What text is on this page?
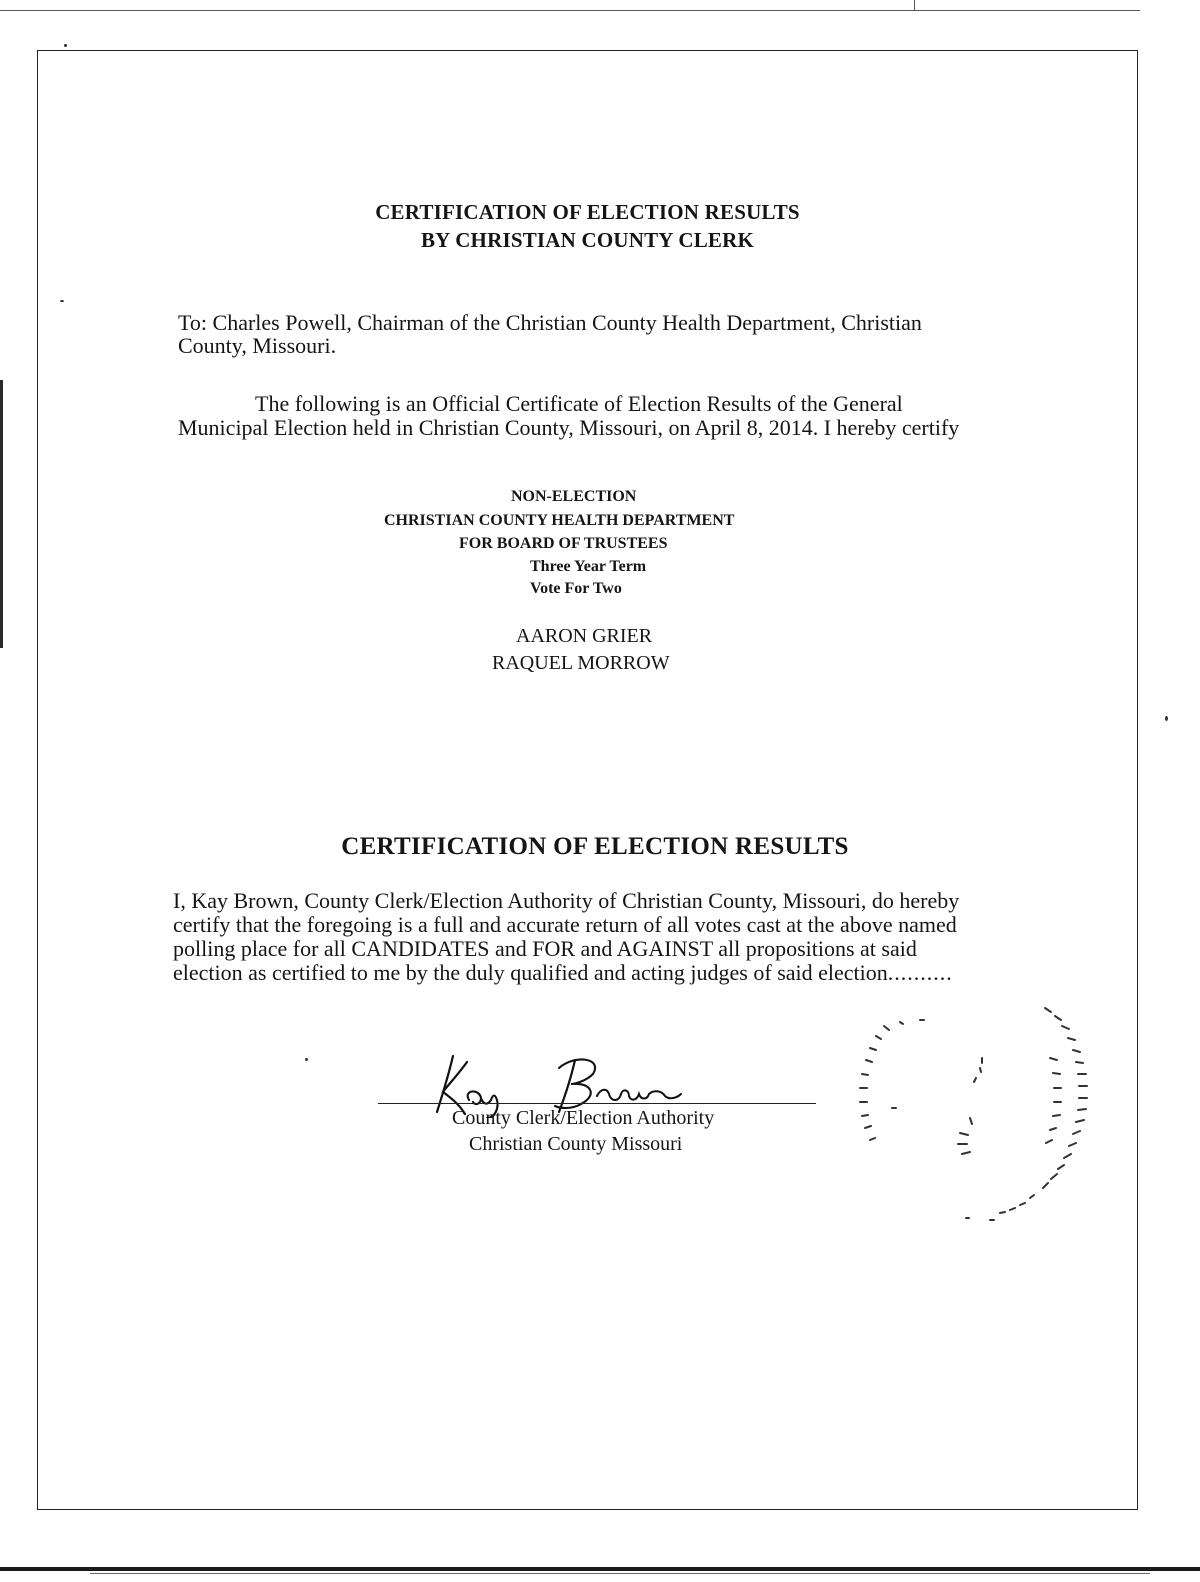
CERTIFICATION OF ELECTION RESULTS
BY CHRISTIAN COUNTY CLERK
To: Charles Powell, Chairman of the Christian County Health Department, Christian
County, Missouri.
The following is an Official Certificate of Election Results of the General
Municipal Election held in Christian County, Missouri, on April 8, 2014. I hereby certify
NON-ELECTION
CHRISTIAN COUNTY HEALTH DEPARTMENT
FOR BOARD OF TRUSTEES
Three Year Term
Vote For Two
AARON GRIER
RAQUEL MORROW
CERTIFICATION OF ELECTION RESULTS
I, Kay Brown, County Clerk/Election Authority of Christian County, Missouri, do hereby
certify that the foregoing is a full and accurate return of all votes cast at the above named
polling place for all CANDIDATES and FOR and AGAINST all propositions at said
election as certified to me by the duly qualified and acting judges of said election..........
County Clerk/Election Authority
Christian County Missouri
